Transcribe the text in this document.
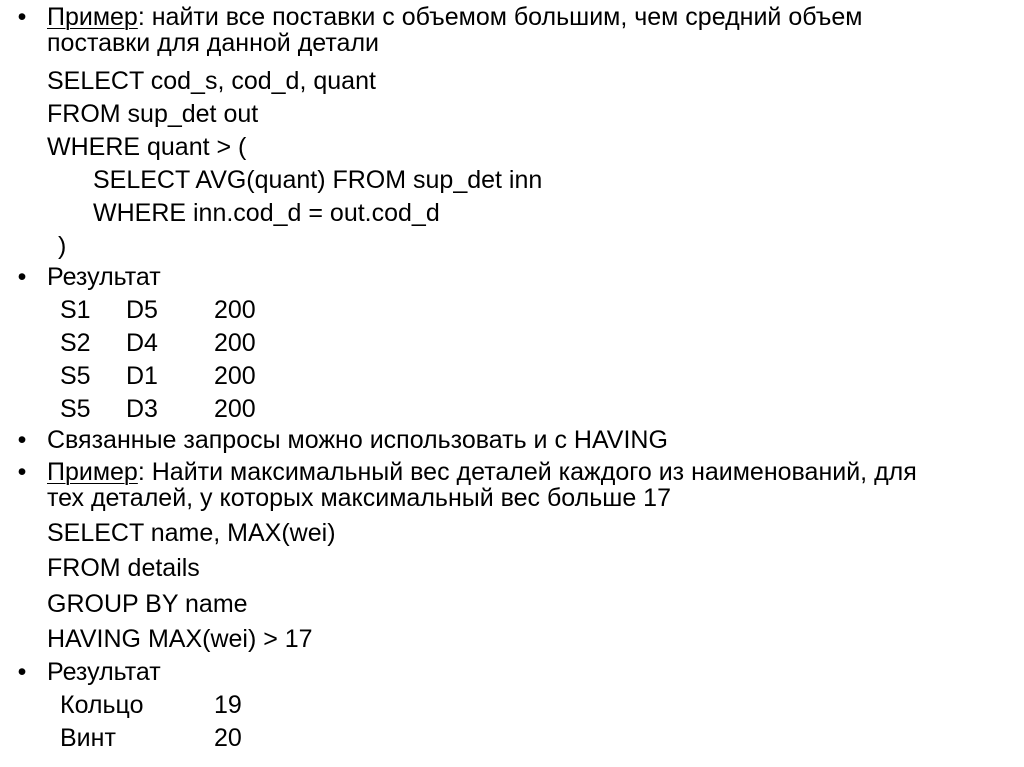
• Пример: найти все поставки с объемом большим, чем средний объем
поставки для данной детали
SELECT cod_s, cod_d, quant
FROM sup_det out
WHERE quant > (
SELECT AVG(quant) FROM sup_det inn
WHERE inn.cod_d = out.cod_d
)
• Результат
S1 D5 200
S2 D4 200
S5 D1 200
S5 D3 200
• Связанные запросы можно использовать и с HAVING
• Пример: Найти максимальный вес деталей каждого из наименований, для
тех деталей, у которых максимальный вес больше 17
SELECT name, MAX(wei)
FROM details
GROUP BY name
HAVING MAX(wei) > 17
• Результат
Кольцо	19
Винт	20
